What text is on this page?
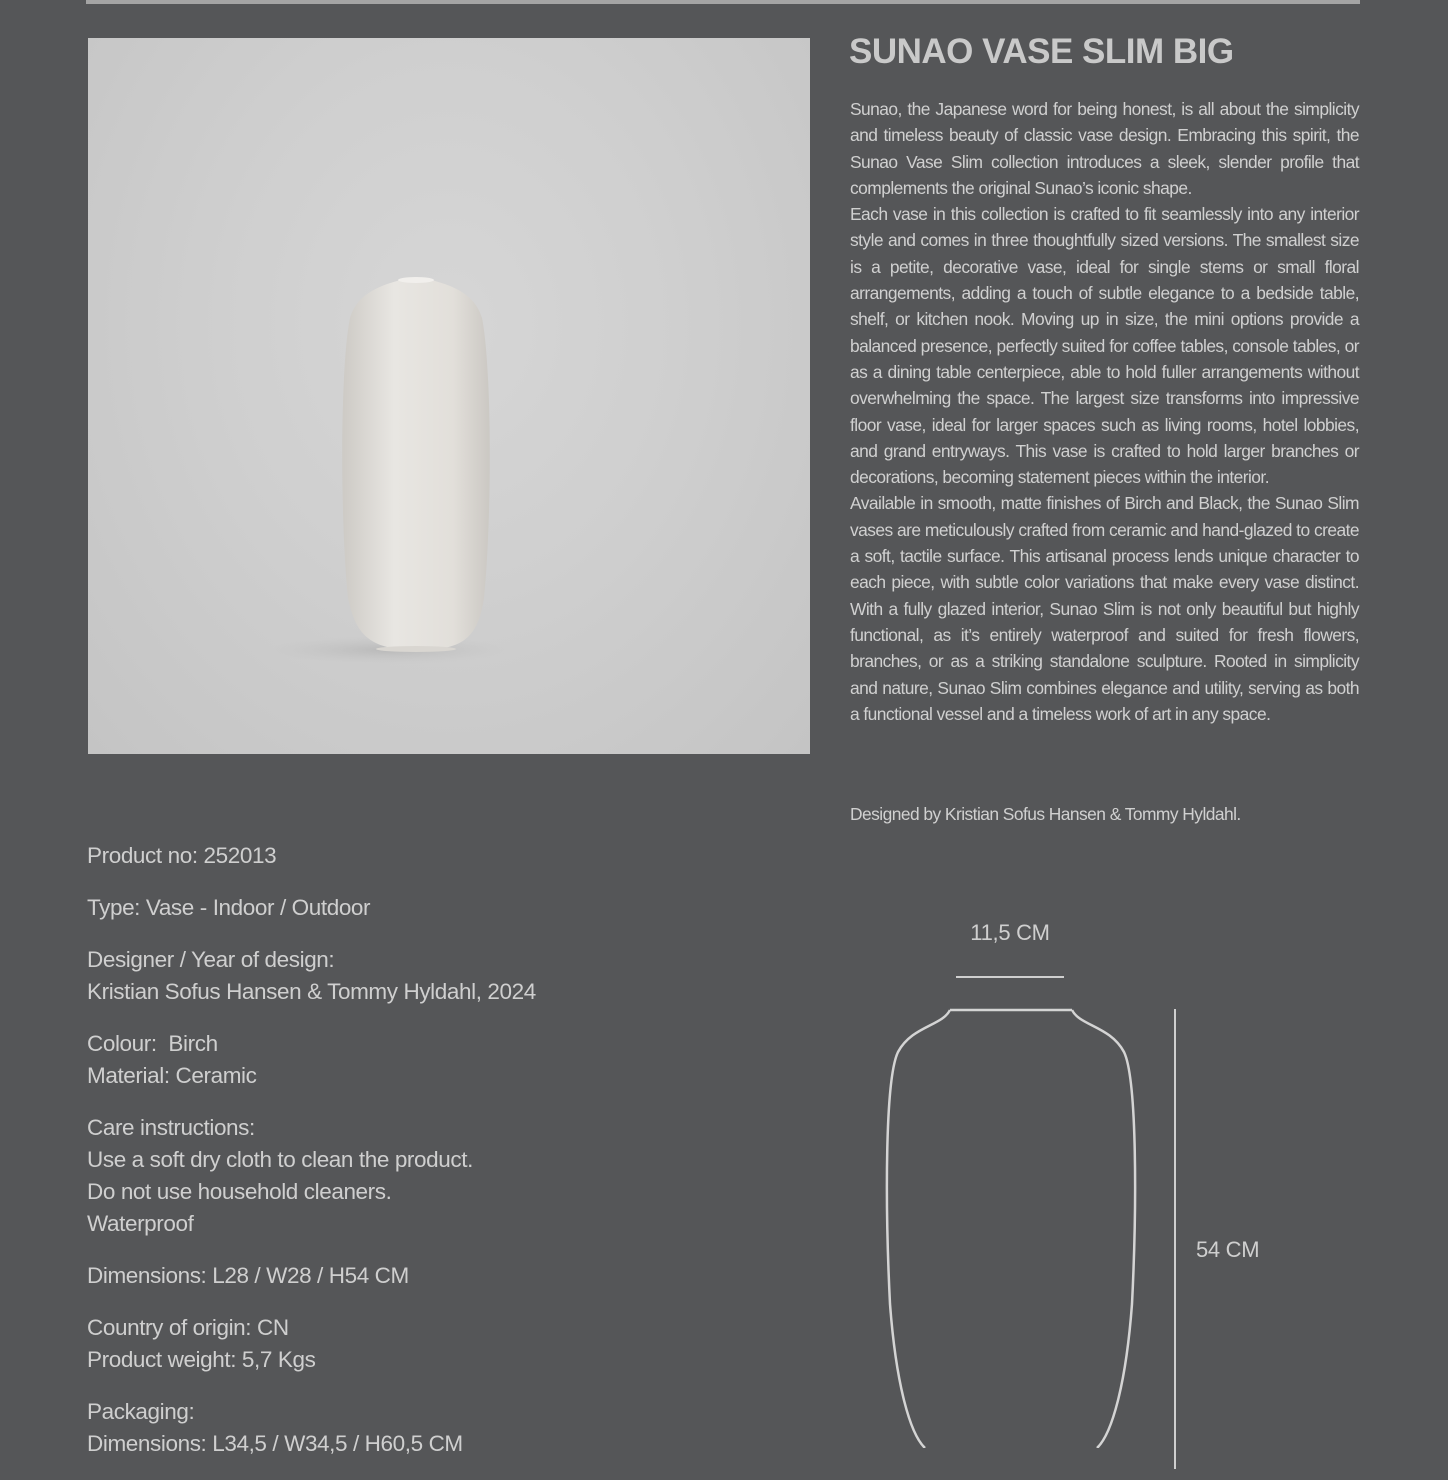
SUNAO VASE SLIM BIG

Sunao, the Japanese word for being honest, is all about the simplicity and timeless beauty of classic vase design. Embracing this spirit, the Sunao Vase Slim collection introduces a sleek, slender profile that complements the original Sunao’s iconic shape.

Each vase in this collection is crafted to fit seamlessly into any interior style and comes in three thoughtfully sized versions. The smallest size is a petite, decorative vase, ideal for single stems or small floral arrangements, adding a touch of subtle elegance to a bedside table, shelf, or kitchen nook. Moving up in size, the mini options provide a balanced presence, perfectly suited for coffee tables, console tables, or as a dining table centerpiece, able to hold fuller arrangements without overwhelming the space. The largest size transforms into impressive floor vase, ideal for larger spaces such as living rooms, hotel lobbies, and grand entryways. This vase is crafted to hold larger branches or decorations, becoming statement pieces within the interior.

Available in smooth, matte finishes of Birch and Black, the Sunao Slim vases are meticulously crafted from ceramic and hand-glazed to create a soft, tactile surface. This artisanal process lends unique character to each piece, with subtle color variations that make every vase distinct. With a fully glazed interior, Sunao Slim is not only beautiful but highly functional, as it’s entirely waterproof and suited for fresh flowers, branches, or as a striking standalone sculpture. Rooted in simplicity and nature, Sunao Slim combines elegance and utility, serving as both a functional vessel and a timeless work of art in any space.

Designed by Kristian Sofus Hansen & Tommy Hyldahl.
Product no: 252013
Type: Vase - Indoor / Outdoor
Designer / Year of design:
Kristian Sofus Hansen & Tommy Hyldahl, 2024
Colour:  Birch
Material: Ceramic
Care instructions:
Use a soft dry cloth to clean the product.
Do not use household cleaners.
Waterproof
Dimensions: L28 / W28 / H54 CM
Country of origin: CN
Product weight: 5,7 Kgs
Packaging:
Dimensions: L34,5 / W34,5 / H60,5 CM
11,5 CM
54 CM
